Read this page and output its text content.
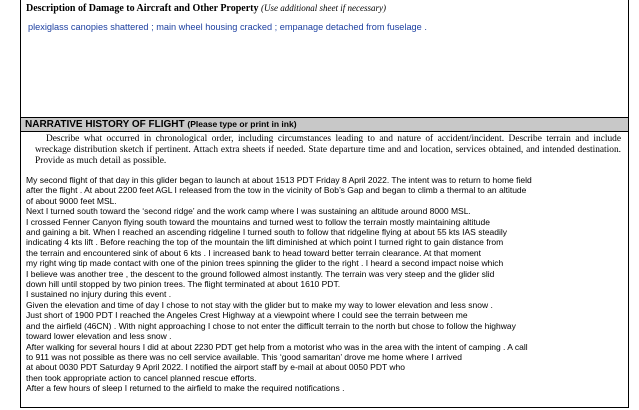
Description of Damage to Aircraft and Other Property (Use additional sheet if necessary)
plexiglass canopies shattered ; main wheel housing cracked ; empanage detached from fuselage .
NARRATIVE HISTORY OF FLIGHT (Please type or print in ink)
Describe what occurred in chronological order, including circumstances leading to and nature of accident/incident. Describe terrain and include wreckage distribution sketch if pertinent. Attach extra sheets if needed. State departure time and and location, services obtained, and intended destination. Provide as much detail as possible.
My second flight of that day in this glider began to launch at about 1513 PDT Friday 8 April 2022. The intent was to return to home field
after the flight . At about 2200 feet AGL I released from the tow in the vicinity of Bob’s Gap and began to climb a thermal to an altitude
of about 9000 feet MSL.
Next I turned south toward the ‘second ridge’ and the work camp where I was sustaining an altitude around 8000 MSL.
I crossed Fenner Canyon flying south toward the mountains and turned west to follow the terrain mostly maintaining altitude
and gaining a bit. When I reached an ascending ridgeline I turned south to follow that ridgeline flying at about 55 kts IAS steadily
indicating 4 kts lift . Before reaching the top of the mountain the lift diminished at which point I turned right to gain distance from
the terrain and encountered sink of about 6 kts . I increased bank to head toward better terrain clearance. At that moment
my right wing tip made contact with one of the pinion trees spinning the glider to the right . I heard a second impact noise which
I believe was another tree , the descent to the ground followed almost instantly. The terrain was very steep and the glider slid
down hill until stopped by two pinion trees. The flight terminated at about 1610 PDT.
I sustained no injury during this event .
Given the elevation and time of day I chose to not stay with the glider but to make my way to lower elevation and less snow .
Just short of 1900 PDT I reached the Angeles Crest Highway at a viewpoint where I could see the terrain between me
and the airfield (46CN) . With night approaching I chose to not enter the difficult terrain to the north but chose to follow the highway
toward lower elevation and less snow .
After walking for several hours I did at about 2230 PDT get help from a motorist who was in the area with the intent of camping . A call
to 911 was not possible as there was no cell service available. This ‘good samaritan’ drove me home where I arrived
at about 0030 PDT Saturday 9 April 2022. I notified the airport staff by e-mail at about 0050 PDT who
then took appropriate action to cancel planned rescue efforts.
After a few hours of sleep I returned to the airfield to make the required notifications .
